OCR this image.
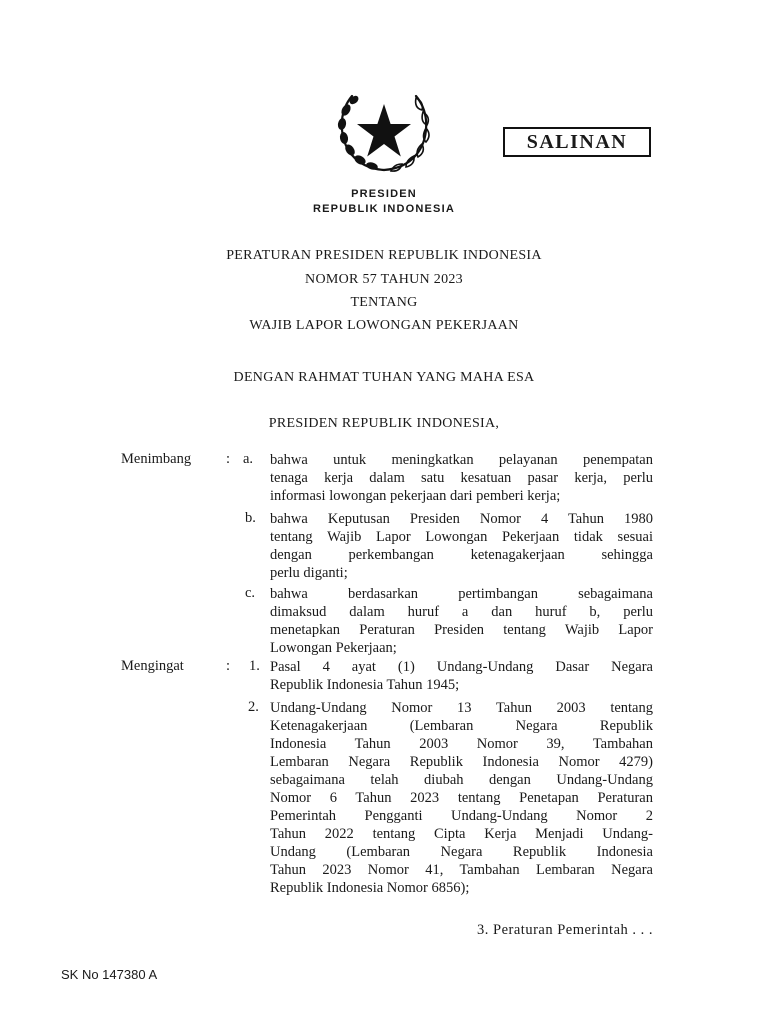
SALINAN
PRESIDEN
REPUBLIK INDONESIA
PERATURAN PRESIDEN REPUBLIK INDONESIA
NOMOR 57 TAHUN 2023
TENTANG
WAJIB LAPOR LOWONGAN PEKERJAAN
DENGAN RAHMAT TUHAN YANG MAHA ESA
PRESIDEN REPUBLIK INDONESIA,
Menimbang : a. bahwa untuk meningkatkan pelayanan penempatan
tenaga kerja dalam satu kesatuan pasar kerja, perlu
informasi lowongan pekerjaan dari pemberi kerja;
b. bahwa Keputusan Presiden Nomor 4 Tahun 1980
tentang Wajib Lapor Lowongan Pekerjaan tidak sesuai
dengan perkembangan ketenagakerjaan sehingga
perlu diganti;
c. bahwa berdasarkan pertimbangan sebagaimana
dimaksud dalam huruf a dan huruf b, perlu
menetapkan Peraturan Presiden tentang Wajib Lapor
Lowongan Pekerjaan;
Mengingat	: 1. Pasal 4 ayat (1) Undang-Undang Dasar Negara
Republik Indonesia Tahun 1945;
2. Undang-Undang Nomor 13 Tahun 2003 tentang
Ketenagakerjaan (Lembaran Negara Republik
Indonesia Tahun 2003 Nomor 39, Tambahan
Lembaran Negara Republik Indonesia Nomor 4279)
sebagaimana telah diubah dengan Undang-Undang
Nomor 6 Tahun 2023 tentang Penetapan Peraturan
Pemerintah Pengganti Undang-Undang Nomor 2
Tahun 2022 tentang Cipta Kerja Menjadi Undang-
Undang (Lembaran Negara Republik Indonesia
Tahun 2023 Nomor 41, Tambahan Lembaran Negara
Republik Indonesia Nomor 6856);
3. Peraturan Pemerintah . . .
SK No 147380 A
